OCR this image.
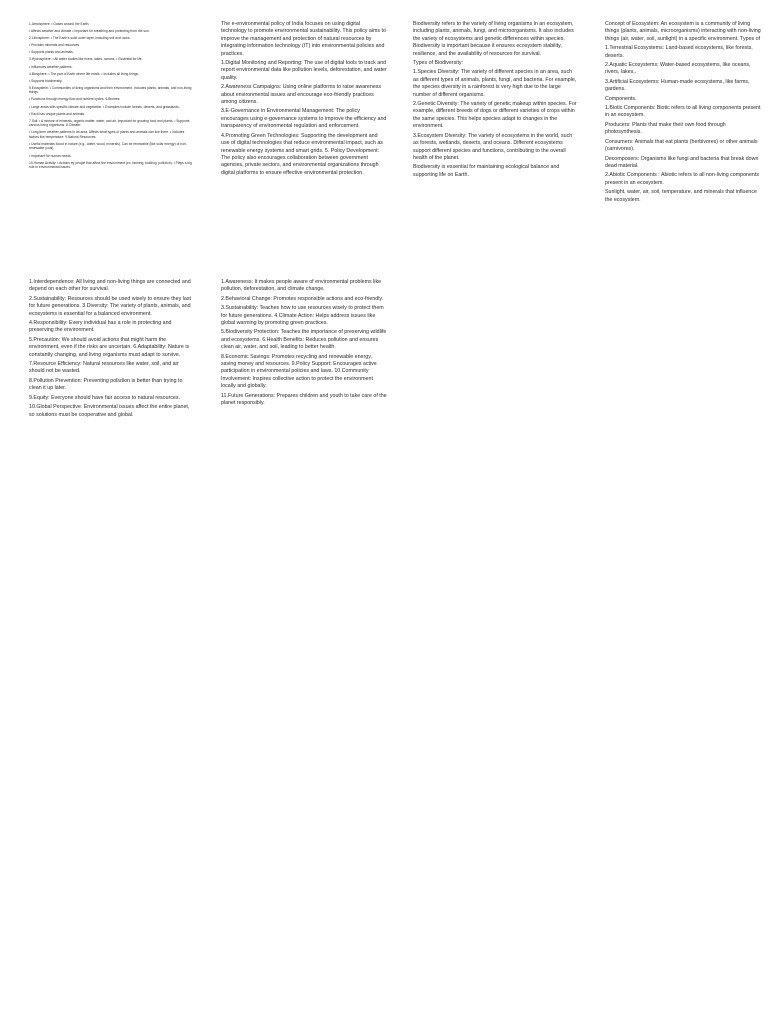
1.Atmosphere: • Gases around the Earth.

• Affects weather and climate • Important for breathing and protecting from the sun.

2.Lithosphere: • The Earth's solid outer layer, including soil and rocks.

• Provides minerals and resources.

• Supports plants and animals.

3.Hydrosphere: • All water bodies like rivers, lakes, oceans. • Essential for life.

• Influences weather patterns.

4.Biosphere: • The part of Earth where life exists. • Includes all living things.

• Supports biodiversity.

5.Ecosystem: • Communities of living organisms and their environment. Includes plants, animals, and non-living things.

• Functions through energy flow and nutrient cycles. 6.Biomes:

• Large areas with specific climate and vegetation. • Examples include forests, deserts, and grasslands.

• Each has unique plants and animals.

7.Soil: • A mixture of minerals, organic matter, water, and air. Important for growing food and plants. • Supports various living organisms. 8.Climate:

• Long-term weather patterns in an area. Affects what types of plants and animals can live there. • Includes factors like temperature. 9.Natural Resources:

• Useful materials found in nature (e.g., water, wood, minerals). Can be renewable (like solar energy) or non-renewable (coal).

• Important for human needs.

10.Human Activity: • Actions by people that affect the environment (ex. farming, building, pollution). • Plays a big role in environmental issues.

The e-environmental policy of India focuses on using digital technology to promote environmental sustainability. This policy aims to improve the management and protection of natural resources by integrating information technology (IT) into environmental policies and practices.

1.Digital Monitoring and Reporting: The use of digital tools to track and report environmental data like pollution levels, deforestation, and water quality.

2.Awareness Campaigns: Using online platforms to raise awareness about environmental issues and encourage eco-friendly practices among citizens.

3.E-Governance in Environmental Management: The policy encourages using e-governance systems to improve the efficiency and transparency of environmental regulation and enforcement.

4.Promoting Green Technologies: Supporting the development and use of digital technologies that reduce environmental impact, such as renewable energy systems and smart grids. 5. Policy Development: The policy also encourages collaboration between government agencies, private sectors, and environmental organizations through digital platforms to ensure effective environmental protection.

Biodiversity refers to the variety of living organisms in an ecosystem, including plants, animals, fungi, and microorganisms. It also includes the variety of ecosystems and genetic differences within species. Biodiversity is important because it ensures ecosystem stability, resilience, and the availability of resources for survival.

Types of Biodiversity:

1.Species Diversity: The variety of different species in an area, such as different types of animals, plants, fungi, and bacteria. For example, the species diversity in a rainforest is very high due to the large number of different organisms.

2.Genetic Diversity: The variety of genetic makeup within species. For example, different breeds of dogs or different varieties of crops within the same species. This helps species adapt to changes in the environment.

3.Ecosystem Diversity: The variety of ecosystems in the world, such as forests, wetlands, deserts, and oceans. Different ecosystems support different species and functions, contributing to the overall health of the planet.

Biodiversity is essential for maintaining ecological balance and supporting life on Earth.

Concept of Ecosystem: An ecosystem is a community of living things (plants, animals, microorganisms) interacting with non-living things (air, water, soil, sunlight) in a specific environment. Types of

1.Terrestrial Ecosystems: Land-based ecosystems, like forests, deserts.

2.Aquatic Ecosystems: Water-based ecosystems, like oceans, rivers, lakes,.

3.Artificial Ecosystems: Human-made ecosystems, like farms, gardens.

Components.

1.Biotic Components: Biotic refers to all living components present in an ecosystem.

Producers: Plants that make their own food through photosynthesis.

Consumers: Animals that eat plants (herbivores) or other animals (carnivores).

Decomposers: Organisms like fungi and bacteria that break down dead material.

2.Abiotic Components : Abiotic refers to all non-living components present in an ecosystem.

Sunlight, water, air, soil, temperature, and minerals that influence the ecosystem.

1.Interdependence: All living and non-living things are connected and depend on each other for survival.

2.Sustainability: Resources should be used wisely to ensure they last for future generations. 3.Diversity: The variety of plants, animals, and ecosystems is essential for a balanced environment.

4.Responsibility: Every individual has a role in protecting and preserving the environment.

5.Precaution: We should avoid actions that might harm the environment, even if the risks are uncertain. 6.Adaptability: Nature is constantly changing, and living organisms must adapt to survive.

7.Resource Efficiency: Natural resources like water, soil, and air should not be wasted.

8.Pollution Prevention: Preventing pollution is better than trying to clean it up later.

9.Equity: Everyone should have fair access to natural resources.

10.Global Perspective: Environmental issues affect the entire planet, so solutions must be cooperative and global.

1.Awareness: It makes people aware of environmental problems like pollution, deforestation, and climate change.

2.Behavioral Change: Promotes responsible actions and eco-friendly.

3.Sustainability: Teaches how to use resources wisely to protect them for future generations. 4.Climate Action: Helps address issues like global warming by promoting green practices.

5.Biodiversity Protection: Teaches the importance of preserving wildlife and ecosystems. 6.Health Benefits: Reduces pollution and ensures clean air, water, and soil, leading to better health.

8.Economic Savings: Promotes recycling and renewable energy, saving money and resources. 9.Policy Support: Encourages active participation in environmental policies and laws. 10.Community Involvement: Inspires collective action to protect the environment locally and globally.

11.Future Generations: Prepares children and youth to take care of the planet responsibly.
